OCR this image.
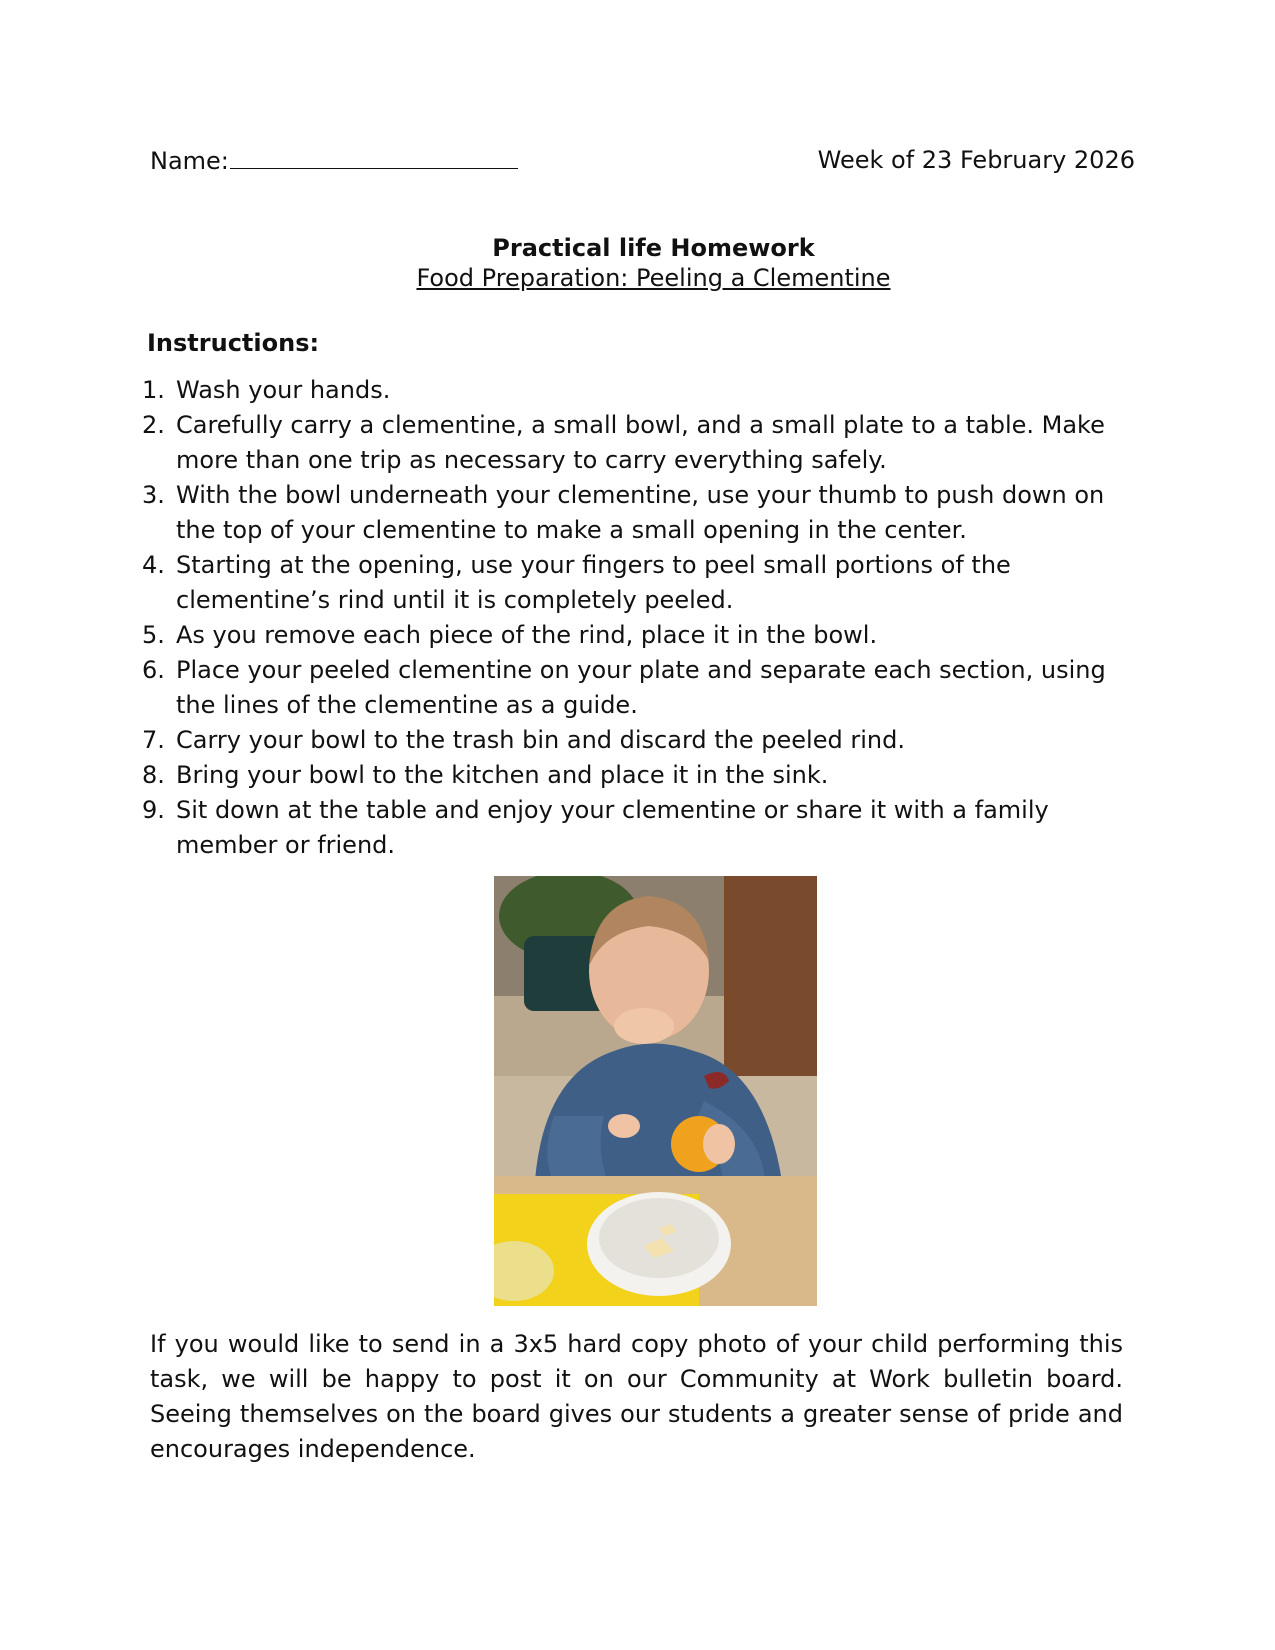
Name:	Week of 23 February 2026
Practical life Homework
Food Preparation: Peeling a Clementine
Instructions:
1. Wash your hands.
2. Carefully carry a clementine, a small bowl, and a small plate to a table. Make more than one trip as necessary to carry everything safely.
3. With the bowl underneath your clementine, use your thumb to push down on the top of your clementine to make a small opening in the center.
4. Starting at the opening, use your fingers to peel small portions of the clementine’s rind until it is completely peeled.
5. As you remove each piece of the rind, place it in the bowl.
6. Place your peeled clementine on your plate and separate each section, using the lines of the clementine as a guide.
7. Carry your bowl to the trash bin and discard the peeled rind.
8. Bring your bowl to the kitchen and place it in the sink.
9. Sit down at the table and enjoy your clementine or share it with a family member or friend.
If you would like to send in a 3x5 hard copy photo of your child performing this task, we will be happy to post it on our Community at Work bulletin board. Seeing themselves on the board gives our students a greater sense of pride and encourages independence.
